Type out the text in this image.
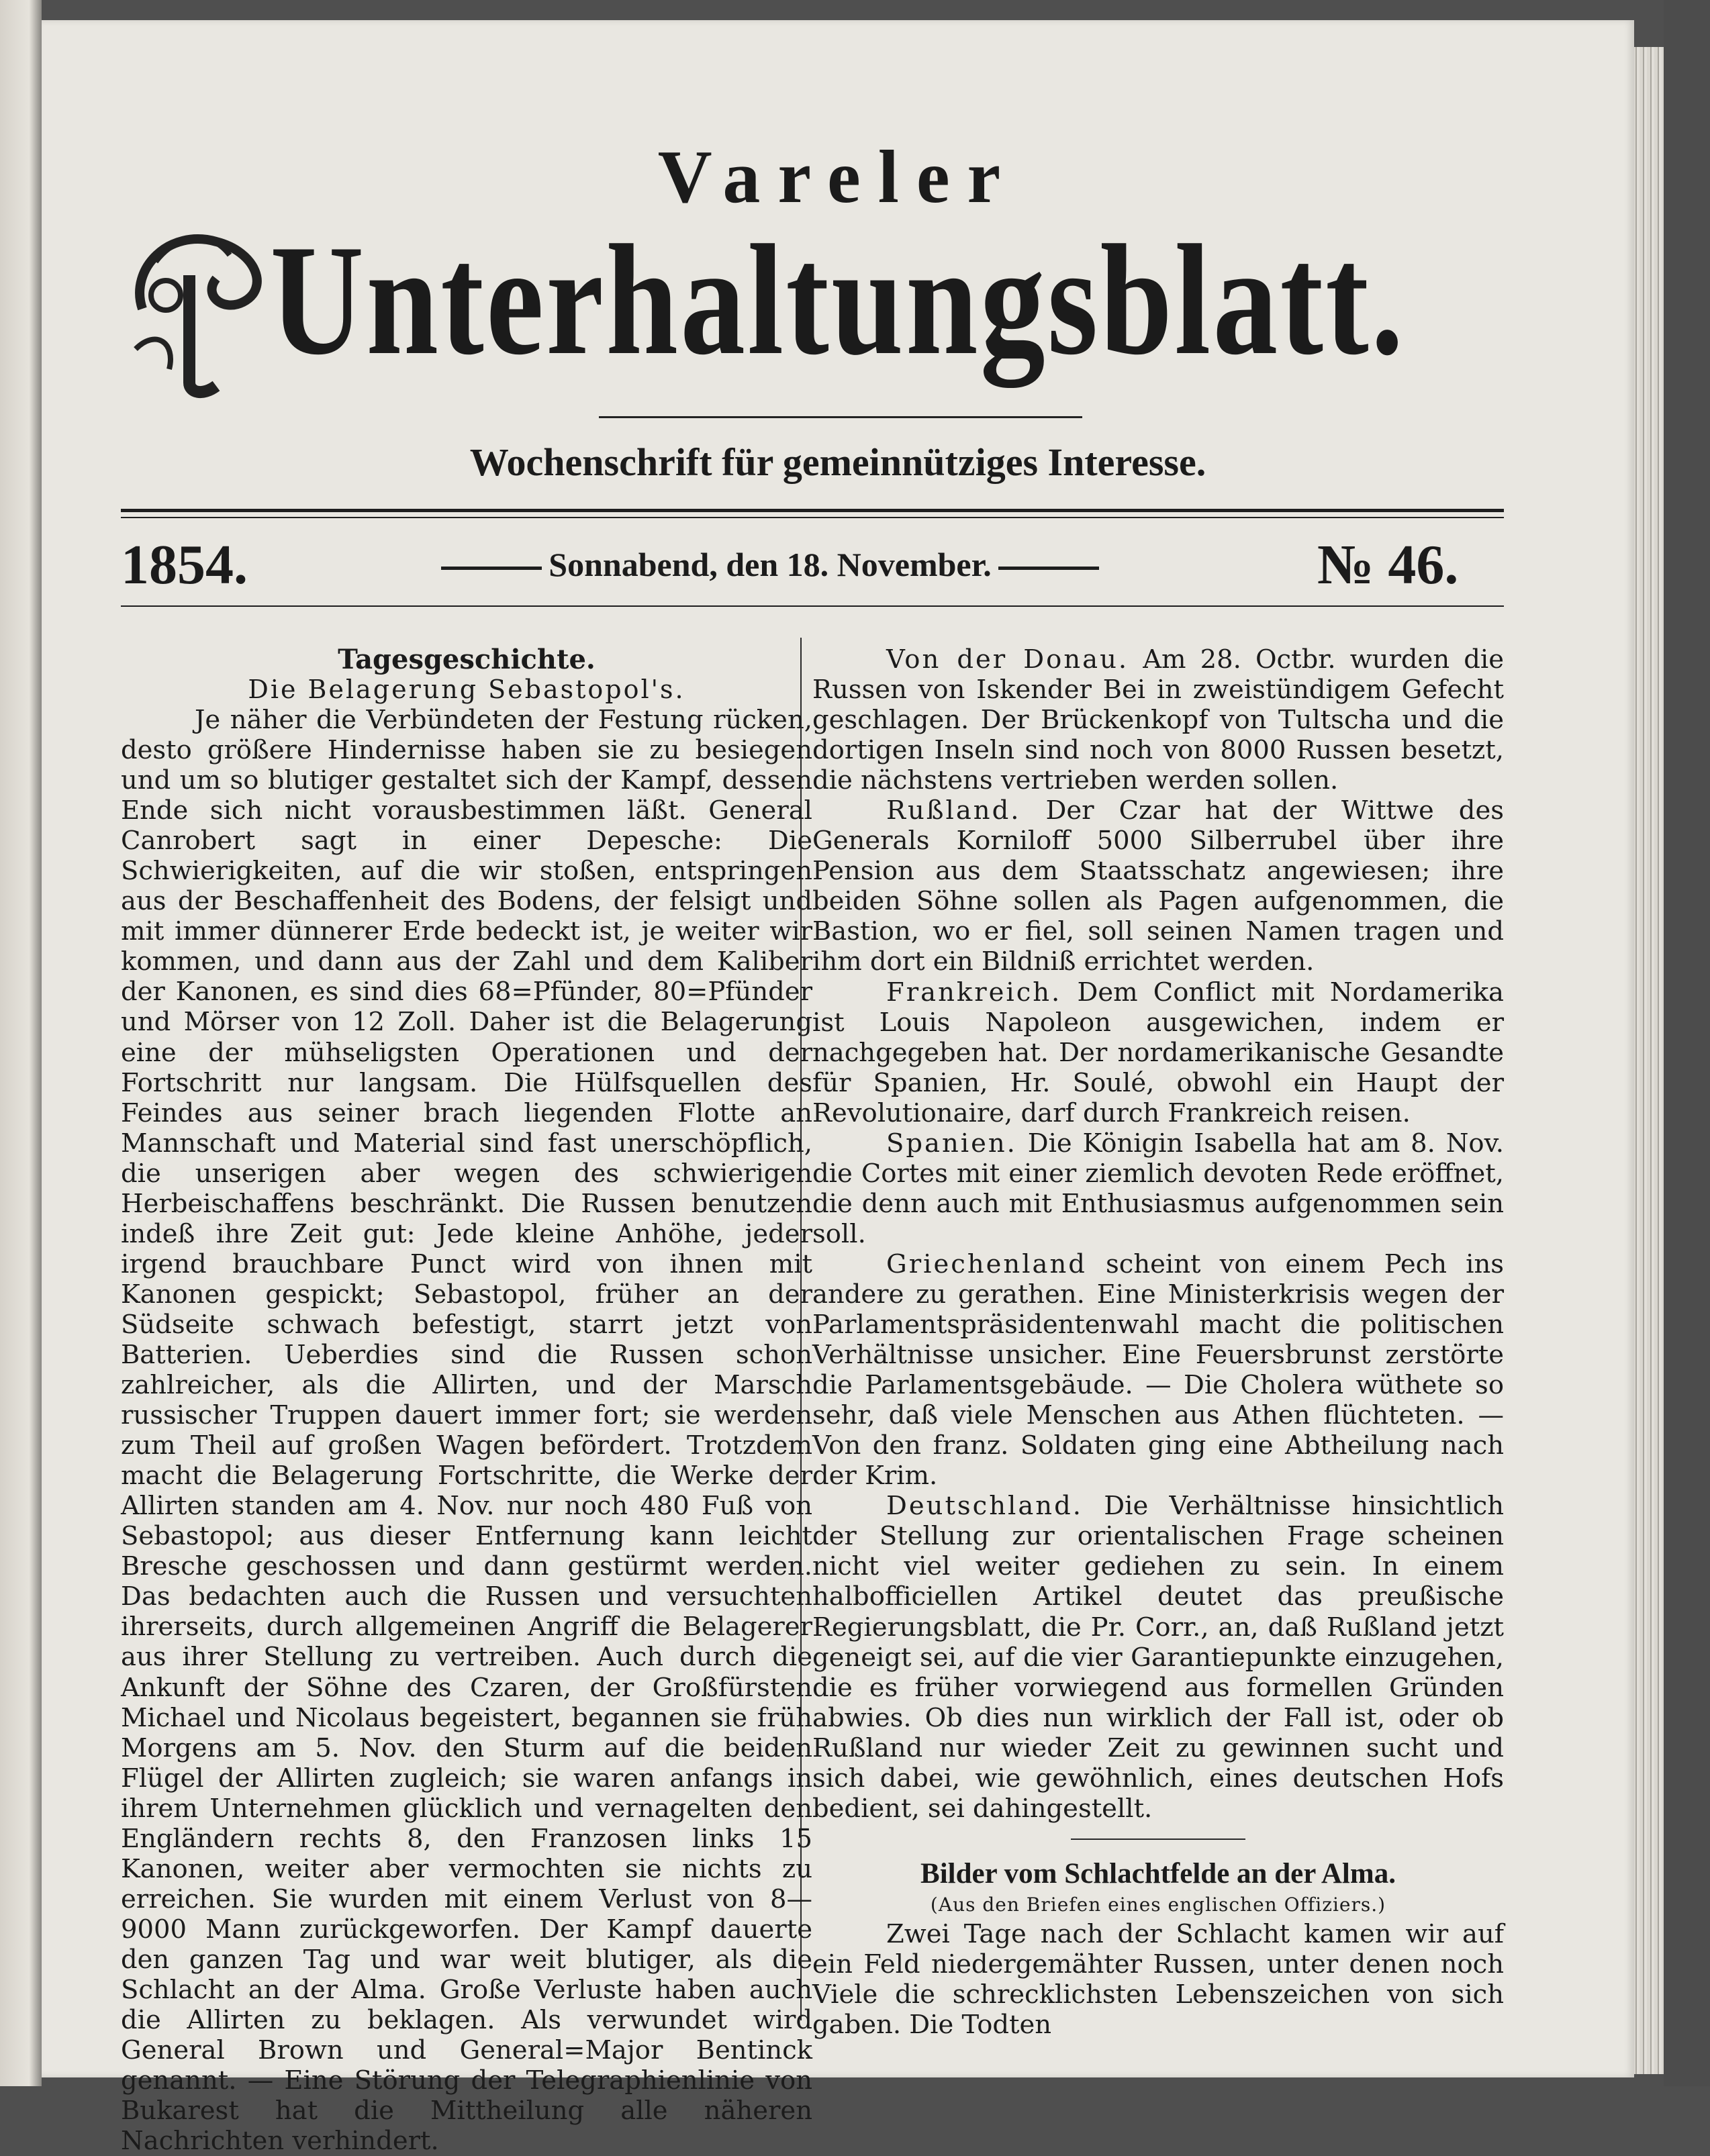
Vareler
Unterhaltungsblatt.
Wochenschrift für gemeinnütziges Interesse.
1854.	Sonnabend, den 18. November.	№ 46.
Tagesgeschichte.
Die Belagerung Sebastopol's.

Je näher die Verbündeten der Festung rücken, desto größere Hindernisse haben sie zu besiegen und um so blutiger gestaltet sich der Kampf, dessen Ende sich nicht vorausbestimmen läßt. General Canrobert sagt in einer Depesche: Die Schwierigkeiten, auf die wir stoßen, entspringen aus der Beschaffenheit des Bodens, der felsigt und mit immer dünnerer Erde bedeckt ist, je weiter wir kommen, und dann aus der Zahl und dem Kaliber der Kanonen, es sind dies 68=Pfünder, 80=Pfünder und Mörser von 12 Zoll. Daher ist die Belagerung eine der mühseligsten Operationen und der Fortschritt nur langsam. Die Hülfsquellen des Feindes aus seiner brach liegenden Flotte an Mannschaft und Material sind fast unerschöpflich, die unserigen aber wegen des schwierigen Herbeischaffens beschränkt. Die Russen benutzen indeß ihre Zeit gut: Jede kleine Anhöhe, jeder irgend brauchbare Punct wird von ihnen mit Kanonen gespickt; Sebastopol, früher an der Südseite schwach befestigt, starrt jetzt von Batterien. Ueberdies sind die Russen schon zahlreicher, als die Allirten, und der Marsch russischer Truppen dauert immer fort; sie werden zum Theil auf großen Wagen befördert. Trotzdem macht die Belagerung Fortschritte, die Werke der Allirten standen am 4. Nov. nur noch 480 Fuß von Sebastopol; aus dieser Entfernung kann leicht Bresche geschossen und dann gestürmt werden. Das bedachten auch die Russen und versuchten ihrerseits, durch allgemeinen Angriff die Belagerer aus ihrer Stellung zu vertreiben. Auch durch die Ankunft der Söhne des Czaren, der Großfürsten Michael und Nicolaus begeistert, begannen sie früh Morgens am 5. Nov. den Sturm auf die beiden Flügel der Allirten zugleich; sie waren anfangs in ihrem Unternehmen glücklich und vernagelten den Engländern rechts 8, den Franzosen links 15 Kanonen, weiter aber vermochten sie nichts zu erreichen. Sie wurden mit einem Verlust von 8—9000 Mann zurückgeworfen. Der Kampf dauerte den ganzen Tag und war weit blutiger, als die Schlacht an der Alma. Große Verluste haben auch die Allirten zu beklagen. Als verwundet wird General Brown und General=Major Bentinck genannt. — Eine Störung der Telegraphienlinie von Bukarest hat die Mittheilung alle näheren Nachrichten verhindert.

Von der Donau. Am 28. Octbr. wurden die Russen von Iskender Bei in zweistündigem Gefecht geschlagen. Der Brückenkopf von Tultscha und die dortigen Inseln sind noch von 8000 Russen besetzt, die nächstens vertrieben werden sollen.

Rußland. Der Czar hat der Wittwe des Generals Korniloff 5000 Silberrubel über ihre Pension aus dem Staatsschatz angewiesen; ihre beiden Söhne sollen als Pagen aufgenommen, die Bastion, wo er fiel, soll seinen Namen tragen und ihm dort ein Bildniß errichtet werden.

Frankreich. Dem Conflict mit Nordamerika ist Louis Napoleon ausgewichen, indem er nachgegeben hat. Der nordamerikanische Gesandte für Spanien, Hr. Soulé, obwohl ein Haupt der Revolutionaire, darf durch Frankreich reisen.

Spanien. Die Königin Isabella hat am 8. Nov. die Cortes mit einer ziemlich devoten Rede eröffnet, die denn auch mit Enthusiasmus aufgenommen sein soll.

Griechenland scheint von einem Pech ins andere zu gerathen. Eine Ministerkrisis wegen der Parlamentspräsidentenwahl macht die politischen Verhältnisse unsicher. Eine Feuersbrunst zerstörte die Parlamentsgebäude. — Die Cholera wüthete so sehr, daß viele Menschen aus Athen flüchteten. — Von den franz. Soldaten ging eine Abtheilung nach der Krim.

Deutschland. Die Verhältnisse hinsichtlich der Stellung zur orientalischen Frage scheinen nicht viel weiter gediehen zu sein. In einem halbofficiellen Artikel deutet das preußische Regierungsblatt, die Pr. Corr., an, daß Rußland jetzt geneigt sei, auf die vier Garantiepunkte einzugehen, die es früher vorwiegend aus formellen Gründen abwies. Ob dies nun wirklich der Fall ist, oder ob Rußland nur wieder Zeit zu gewinnen sucht und sich dabei, wie gewöhnlich, eines deutschen Hofs bedient, sei dahingestellt.

Bilder vom Schlachtfelde an der Alma.
(Aus den Briefen eines englischen Offiziers.)

Zwei Tage nach der Schlacht kamen wir auf ein Feld niedergemähter Russen, unter denen noch Viele die schrecklichsten Lebenszeichen von sich gaben. Die Todten
